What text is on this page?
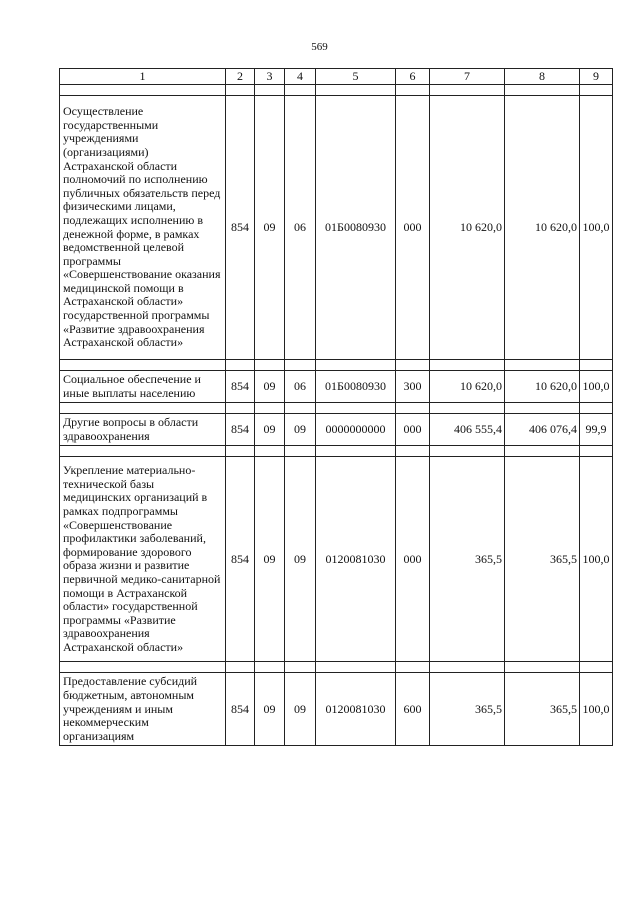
569
1	2	3	4	5	6	7	8	9

Осуществление государственными учреждениями (организациями) Астраханской области полномочий по исполнению публичных обязательств перед физическими лицами, подлежащих исполнению в денежной форме, в рамках ведомственной целевой программы «Совершенствование оказания медицинской помощи в Астраханской области» государственной программы «Развитие здравоохранения Астраханской области»	854	09	06	01Б0080930	000	10 620,0	10 620,0	100,0

Социальное обеспечение и иные выплаты населению	854	09	06	01Б0080930	300	10 620,0	10 620,0	100,0

Другие вопросы в области здравоохранения	854	09	09	0000000000	000	406 555,4	406 076,4	99,9

Укрепление материально-технической базы медицинских организаций в рамках подпрограммы «Совершенствование профилактики заболеваний, формирование здорового образа жизни и развитие первичной медико-санитарной помощи в Астраханской области» государственной программы «Развитие здравоохранения Астраханской области»	854	09	09	0120081030	000	365,5	365,5	100,0

Предоставление субсидий бюджетным, автономным учреждениям и иным некоммерческим организациям	854	09	09	0120081030	600	365,5	365,5	100,0
